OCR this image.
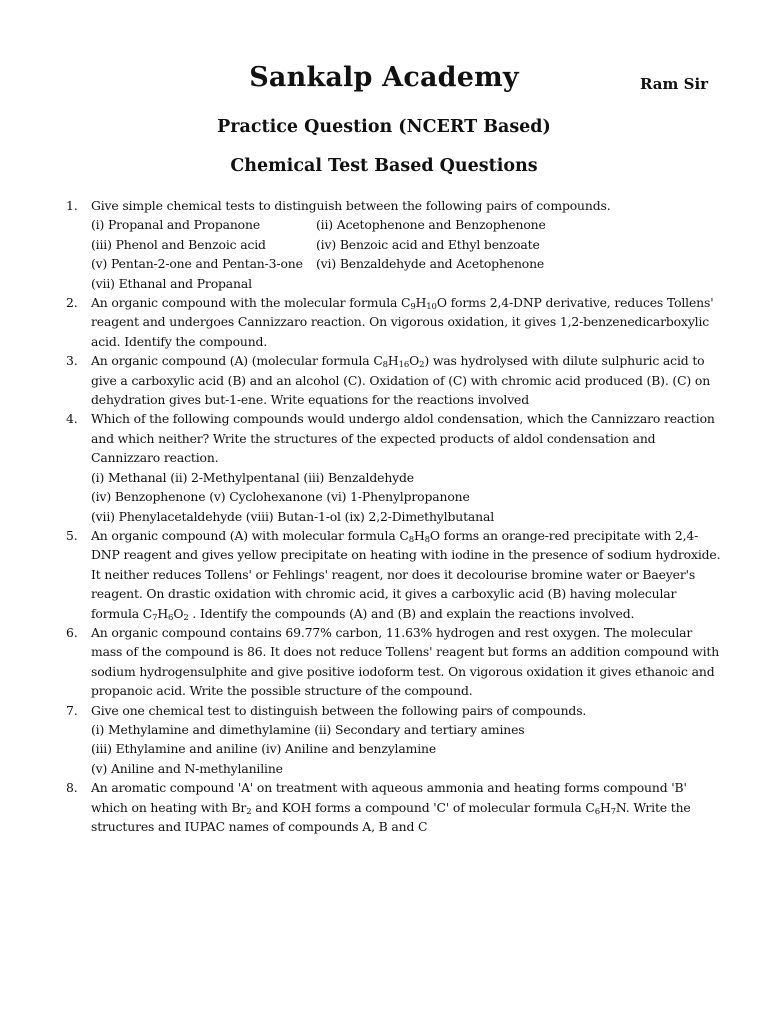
Sankalp Academy	Ram Sir
Practice Question (NCERT Based)
Chemical Test Based Questions
1. Give simple chemical tests to distinguish between the following pairs of compounds.
(i) Propanal and Propanone	(ii) Acetophenone and Benzophenone
(iii) Phenol and Benzoic acid	(iv) Benzoic acid and Ethyl benzoate
(v) Pentan-2-one and Pentan-3-one (vi) Benzaldehyde and Acetophenone
(vii) Ethanal and Propanal
2. An organic compound with the molecular formula $C_9H_{10}O$ forms 2,4-DNP derivative, reduces Tollens' reagent and undergoes Cannizzaro reaction. On vigorous oxidation, it gives 1,2-benzenedicarboxylic acid. Identify the compound.
3. An organic compound (A) (molecular formula $C_8H_{16}O_2$) was hydrolysed with dilute sulphuric acid to give a carboxylic acid (B) and an alcohol (C). Oxidation of (C) with chromic acid produced (B). (C) on dehydration gives but-1-ene. Write equations for the reactions involved
4. Which of the following compounds would undergo aldol condensation, which the Cannizzaro reaction and which neither? Write the structures of the expected products of aldol condensation and Cannizzaro reaction.
(i) Methanal (ii) 2-Methylpentanal (iii) Benzaldehyde
(iv) Benzophenone (v) Cyclohexanone (vi) 1-Phenylpropanone
(vii) Phenylacetaldehyde (viii) Butan-1-ol (ix) 2,2-Dimethylbutanal
5. An organic compound (A) with molecular formula $C_8H_8O$ forms an orange-red precipitate with 2,4-DNP reagent and gives yellow precipitate on heating with iodine in the presence of sodium hydroxide. It neither reduces Tollens' or Fehlings' reagent, nor does it decolourise bromine water or Baeyer's reagent. On drastic oxidation with chromic acid, it gives a carboxylic acid (B) having molecular formula $C_7H_6O_2$ . Identify the compounds (A) and (B) and explain the reactions involved.
6. An organic compound contains 69.77% carbon, 11.63% hydrogen and rest oxygen. The molecular mass of the compound is 86. It does not reduce Tollens' reagent but forms an addition compound with sodium hydrogensulphite and give positive iodoform test. On vigorous oxidation it gives ethanoic and propanoic acid. Write the possible structure of the compound.
7. Give one chemical test to distinguish between the following pairs of compounds.
(i) Methylamine and dimethylamine (ii) Secondary and tertiary amines
(iii) Ethylamine and aniline (iv) Aniline and benzylamine
(v) Aniline and N-methylaniline
8. An aromatic compound 'A' on treatment with aqueous ammonia and heating forms compound 'B' which on heating with $Br_2$ and KOH forms a compound 'C' of molecular formula $C_6H_7N$. Write the structures and IUPAC names of compounds A, B and C
